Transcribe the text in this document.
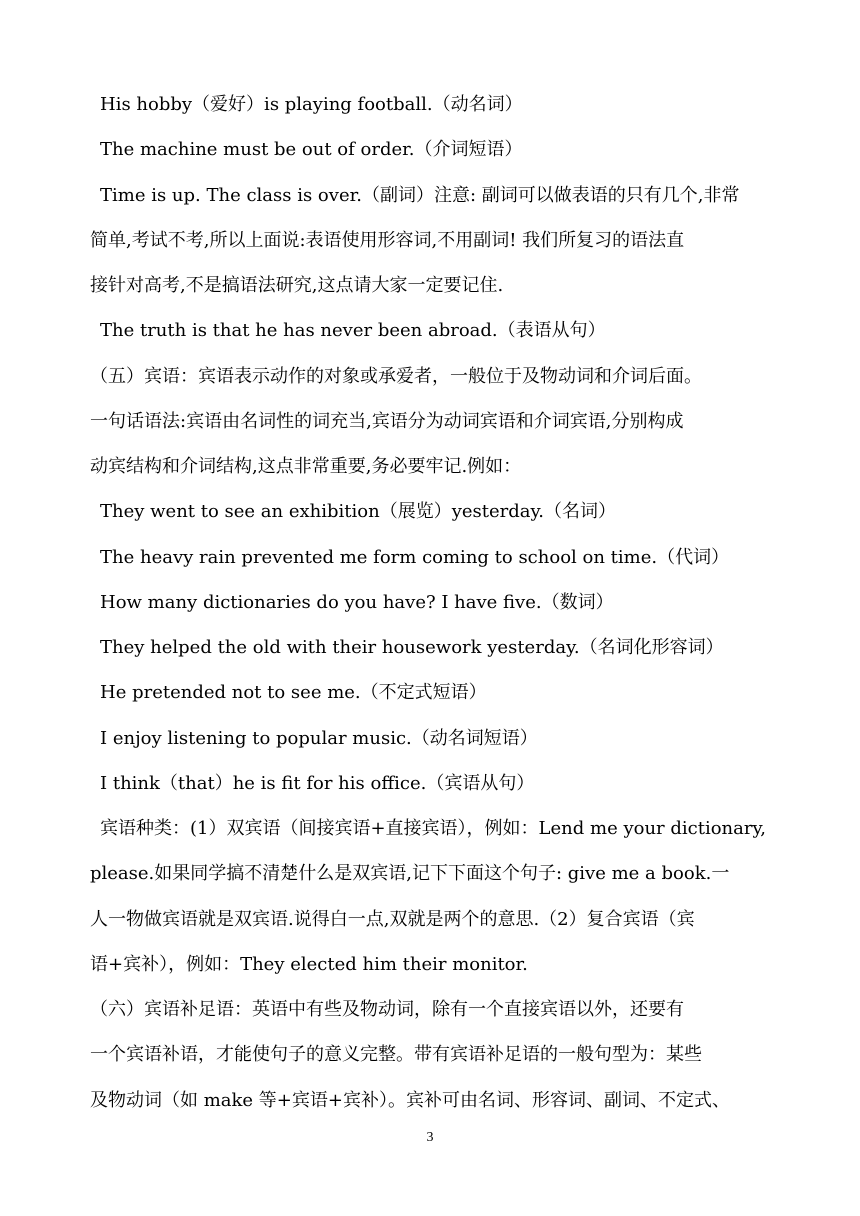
His hobby（爱好）is playing football.（动名词）
The machine must be out of order.（介词短语）
Time is up. The class is over.（副词）注意: 副词可以做表语的只有几个,非常
简单,考试不考,所以上面说:表语使用形容词,不用副词! 我们所复习的语法直
接针对高考,不是搞语法研究,这点请大家一定要记住.
The truth is that he has never been abroad.（表语从句）
（五）宾语：宾语表示动作的对象或承爱者，一般位于及物动词和介词后面。
一句话语法:宾语由名词性的词充当,宾语分为动词宾语和介词宾语,分别构成
动宾结构和介词结构,这点非常重要,务必要牢记.例如：
They went to see an exhibition（展览）yesterday.（名词）
The heavy rain prevented me form coming to school on time.（代词）
How many dictionaries do you have? I have five.（数词）
They helped the old with their housework yesterday.（名词化形容词）
He pretended not to see me.（不定式短语）
I enjoy listening to popular music.（动名词短语）
I think（that）he is fit for his office.（宾语从句）
宾语种类：(1）双宾语（间接宾语+直接宾语），例如：Lend me your dictionary,
please.如果同学搞不清楚什么是双宾语,记下下面这个句子: give me a book.一
人一物做宾语就是双宾语.说得白一点,双就是两个的意思.（2）复合宾语（宾
语+宾补），例如：They elected him their monitor.
（六）宾语补足语：英语中有些及物动词，除有一个直接宾语以外，还要有
一个宾语补语，才能使句子的意义完整。带有宾语补足语的一般句型为：某些
及物动词（如 make 等+宾语+宾补）。宾补可由名词、形容词、副词、不定式、
3
